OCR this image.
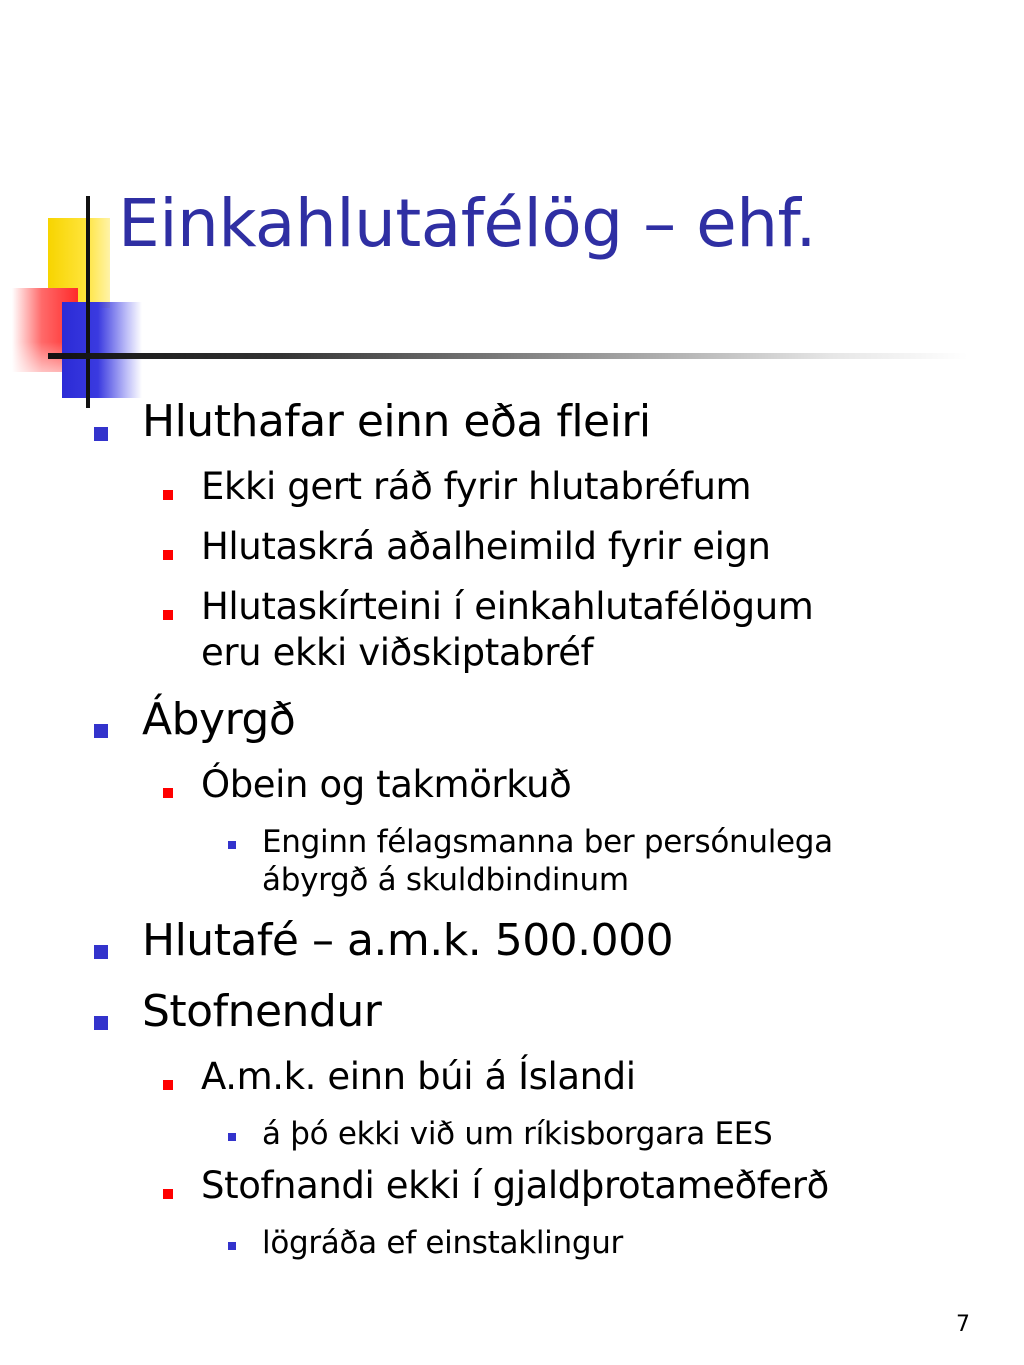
Einkahlutafélög – ehf.
Hluthafar einn eða fleiri
Ekki gert ráð fyrir hlutabréfum
Hlutaskrá aðalheimild fyrir eign
Hlutaskírteini í einkahlutafélögum
eru ekki viðskiptabréf
Ábyrgð
Óbein og takmörkuð
Enginn félagsmanna ber persónulega
ábyrgð á skuldbindinum
Hlutafé – a.m.k. 500.000
Stofnendur
A.m.k. einn búi á Íslandi
á þó ekki við um ríkisborgara EES
Stofnandi ekki í gjaldþrotameðferð
lögráða ef einstaklingur
7
